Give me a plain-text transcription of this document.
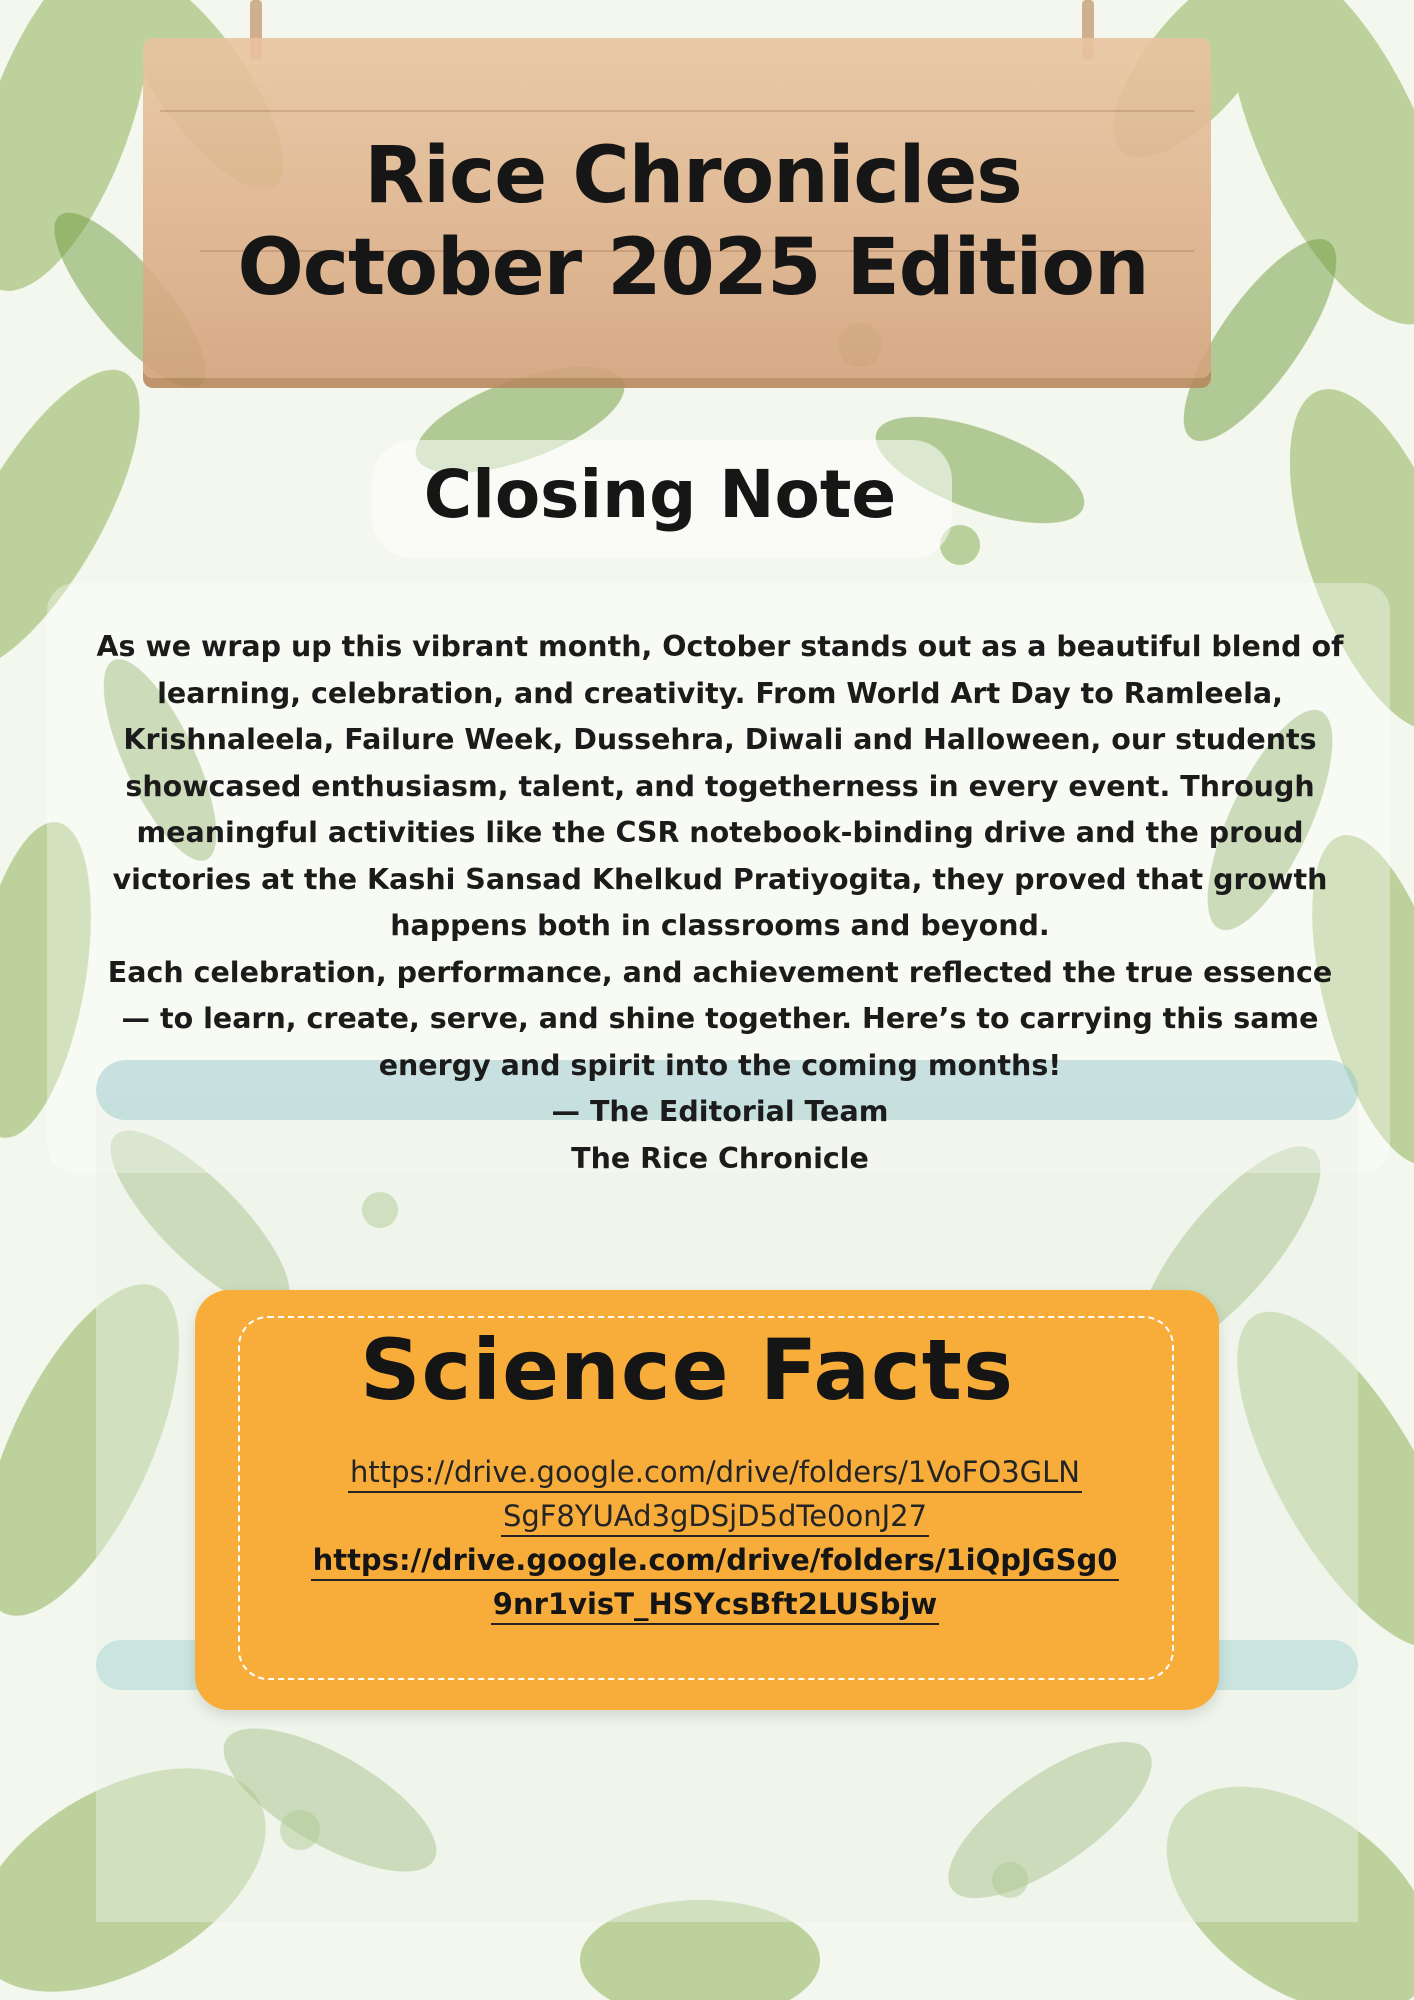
Rice Chronicles
October 2025 Edition
Closing Note

As we wrap up this vibrant month, October stands out as a beautiful blend of learning, celebration, and creativity. From World Art Day to Ramleela, Krishnaleela, Failure Week, Dussehra, Diwali and Halloween, our students showcased enthusiasm, talent, and togetherness in every event. Through meaningful activities like the CSR notebook-binding drive and the proud victories at the Kashi Sansad Khelkud Pratiyogita, they proved that growth happens both in classrooms and beyond.

Each celebration, performance, and achievement reflected the true essence — to learn, create, serve, and shine together. Here’s to carrying this same energy and spirit into the coming months!

— The Editorial Team

The Rice Chronicle

Science Facts
https://drive.google.com/drive/folders/1VoFO3GLN
SgF8YUAd3gDSjD5dTe0onJ27
https://drive.google.com/drive/folders/1iQpJGSg0
9nr1visT_HSYcsBft2LUSbjw
